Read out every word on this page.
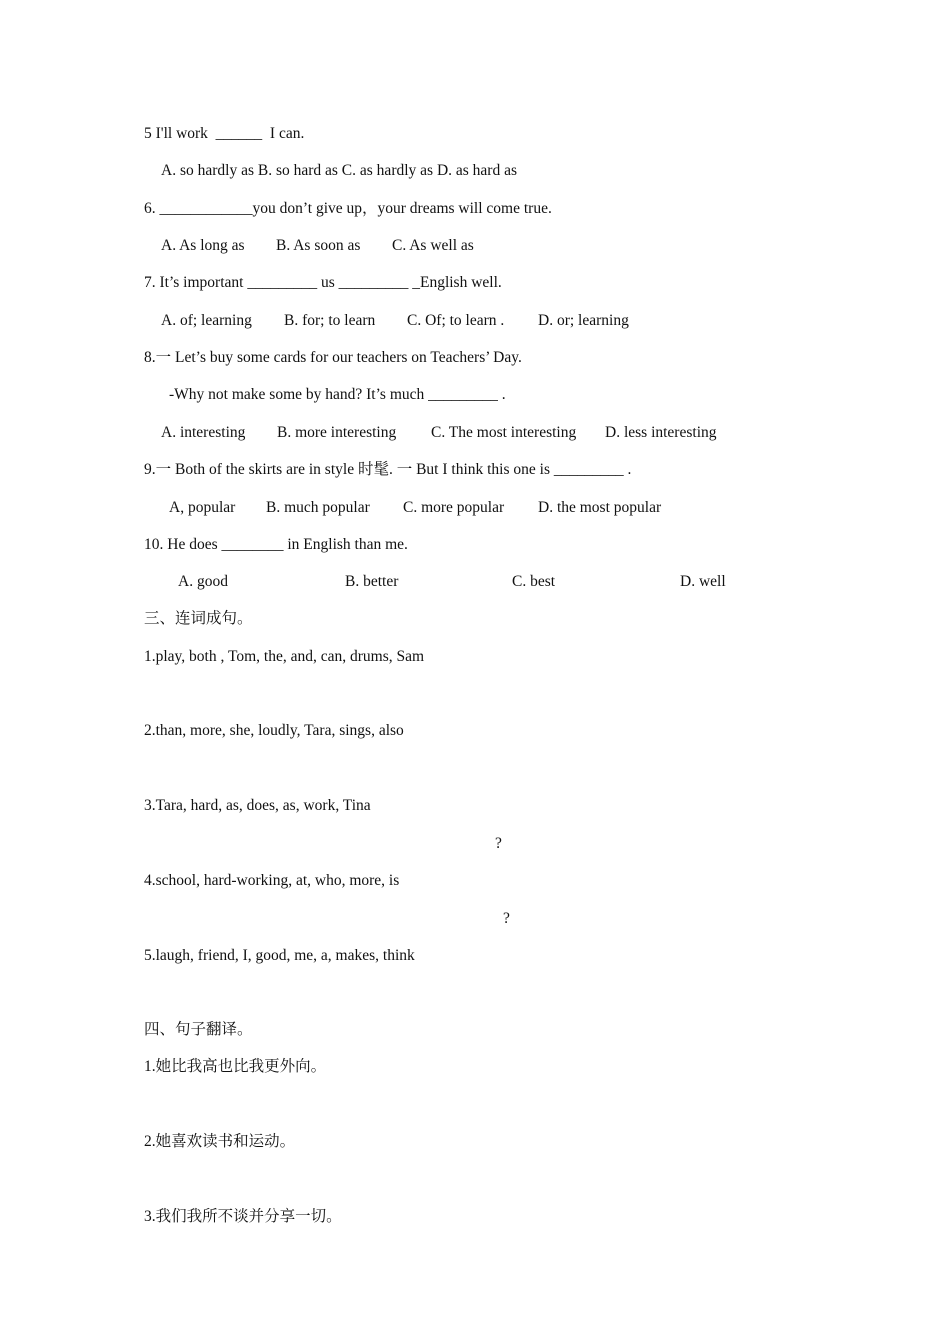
5 I'll work  ______  I can.
A. so hardly as B. so hard as C. as hardly as D. as hard as
6. ____________you don’t give up，your dreams will come true.
A. As long as B. As soon as C. As well as
7. It’s important _________ us _________ _English well.
A. of; learning B. for; to learn C. Of; to learn . D. or; learning
8.一 Let’s buy some cards for our teachers on Teachers’ Day.
-Why not make some by hand? It’s much _________ .
A. interesting B. more interesting C. The most interesting D. less interesting
9.一 Both of the skirts are in style 时髦. 一 But I think this one is _________ .
A, popular B. much popular C. more popular D. the most popular
10. He does ________ in English than me.
A. good	B. better	C. best	D. well
三、连词成句。
1.play, both , Tom, the, and, can, drums, Sam
2.than, more, she, loudly, Tara, sings, also
3.Tara, hard, as, does, as, work, Tina
?
4.school, hard-working, at, who, more, is
?
5.laugh, friend, I, good, me, a, makes, think
四、句子翻译。
1.她比我高也比我更外向。
2.她喜欢读书和运动。
3.我们我所不谈并分享一切。
